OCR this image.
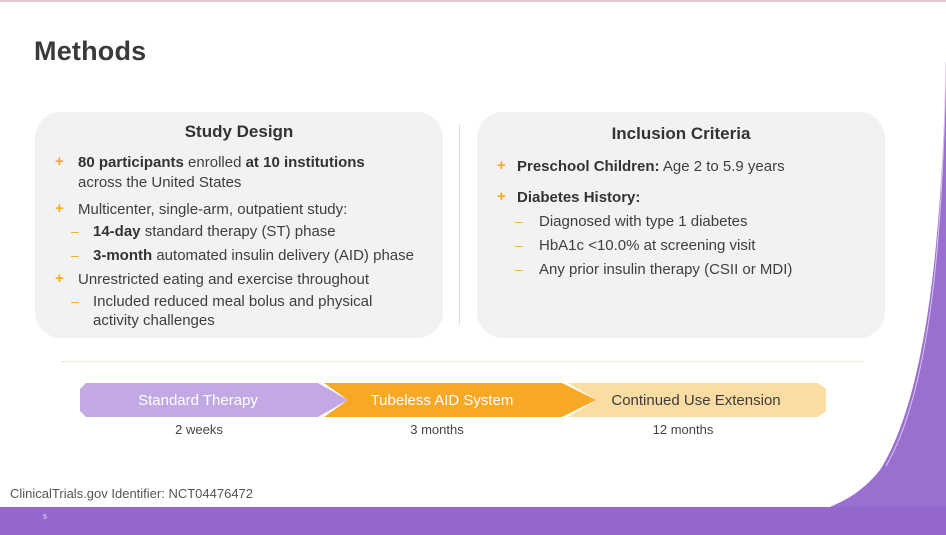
Methods
Study Design
+ 80 participants enrolled at 10 institutions
across the United States
+ Multicenter, single-arm, outpatient study:
– 14-day standard therapy (ST) phase
– 3-month automated insulin delivery (AID) phase
+ Unrestricted eating and exercise throughout
– Included reduced meal bolus and physical
activity challenges
Inclusion Criteria
+ Preschool Children: Age 2 to 5.9 years
+ Diabetes History:
– Diagnosed with type 1 diabetes
– HbA1c <10.0% at screening visit
– Any prior insulin therapy (CSII or MDI)
Standard Therapy	Tubeless AID System	Continued Use Extension
2 weeks	3 months	12 months
ClinicalTrials.gov Identifier: NCT04476472
5
